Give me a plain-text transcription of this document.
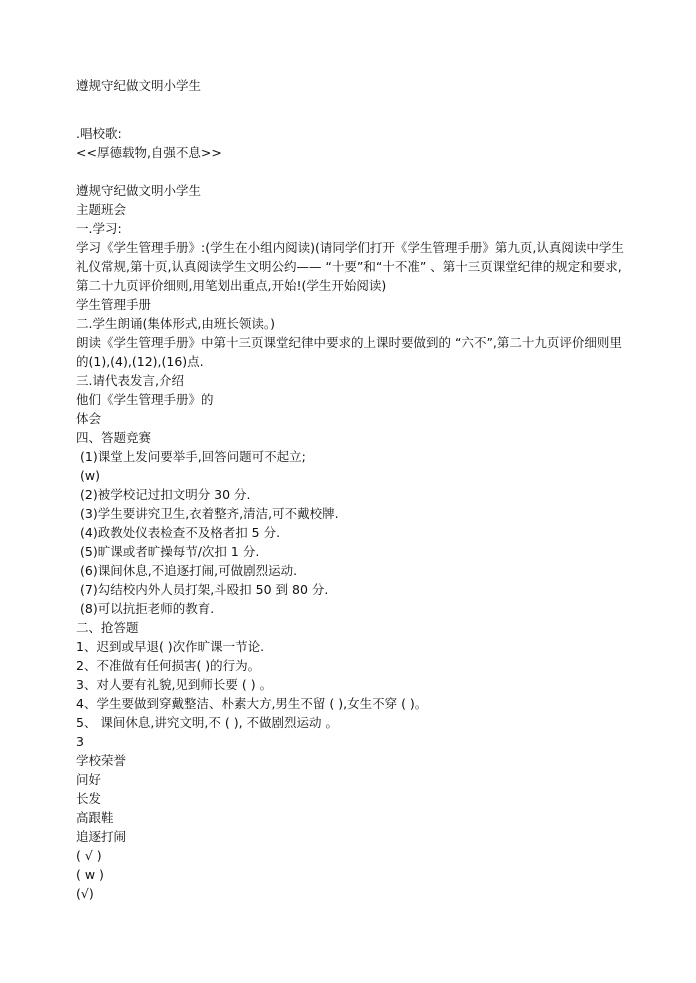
遵规守纪做文明小学生
.唱校歌:
<<厚德载物,自强不息>>
遵规守纪做文明小学生
主题班会
一.学习:
学习《学生管理手册》:(学生在小组内阅读)(请同学们打开《学生管理手册》第九页,认真阅读中学生礼仪常规,第十页,认真阅读学生文明公约—— “十要”和“十不准” 、第十三页课堂纪律的规定和要求,第二十九页评价细则,用笔划出重点,开始!(学生开始阅读)
学生管理手册
二.学生朗诵(集体形式,由班长领读。)
朗读《学生管理手册》中第十三页课堂纪律中要求的上课时要做到的 “六不”,第二十九页评价细则里的(1),(4),(12),(16)点.
三.请代表发言,介绍
他们《学生管理手册》的
体会
四、答题竞赛
(1)课堂上发问要举手,回答问题可不起立;
(w)
(2)被学校记过扣文明分 30 分.
(3)学生要讲究卫生,衣着整齐,清洁,可不戴校牌.
(4)政教处仪表检查不及格者扣 5 分.
(5)旷课或者旷操每节/次扣 1 分.
(6)课间休息,不追逐打闹,可做剧烈运动.
(7)勾结校内外人员打架,斗殴扣 50 到 80 分.
(8)可以抗拒老师的教育.
二、抢答题
1、迟到或早退( )次作旷课一节论.
2、不准做有任何损害( )的行为。
3、对人要有礼貌,见到师长要 ( ) 。
4、学生要做到穿戴整洁、朴素大方,男生不留 ( ),女生不穿 ( )。
5、 课间休息,讲究文明,不 ( ), 不做剧烈运动 。
3
学校荣誉
问好
长发
高跟鞋
追逐打闹
( √ )
( w )
(√)
